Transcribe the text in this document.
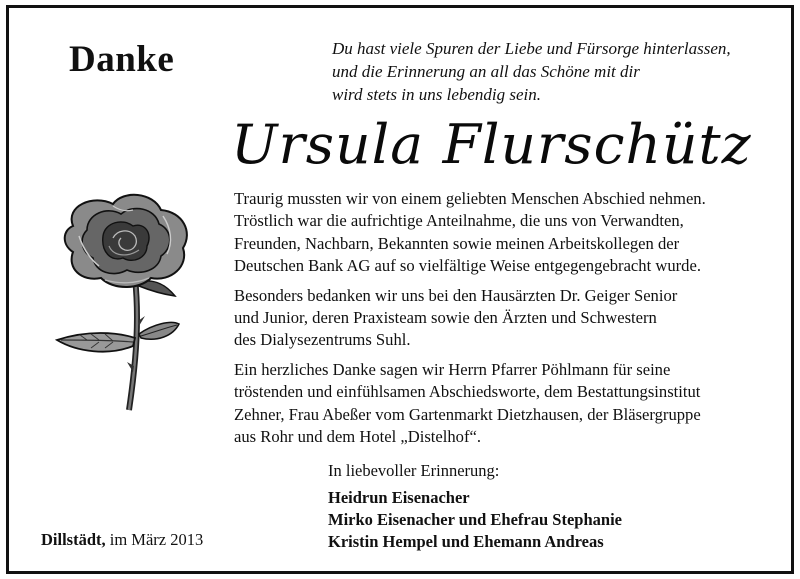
Danke	Du hast viele Spuren der Liebe und Fürsorge hinterlassen,
und die Erinnerung an all das Schöne mit dir
wird stets in uns lebendig sein.
Ursula Flurschütz

Traurig mussten wir von einem geliebten Menschen Abschied nehmen.
Tröstlich war die aufrichtige Anteilnahme, die uns von Verwandten,
Freunden, Nachbarn, Bekannten sowie meinen Arbeitskollegen der
Deutschen Bank AG auf so vielfältige Weise entgegengebracht wurde.

Besonders bedanken wir uns bei den Hausärzten Dr. Geiger Senior
und Junior, deren Praxisteam sowie den Ärzten und Schwestern
des Dialysezentrums Suhl.

Ein herzliches Danke sagen wir Herrn Pfarrer Pöhlmann für seine
tröstenden und einfühlsamen Abschiedsworte, dem Bestattungsinstitut
Zehner, Frau Abeßer vom Gartenmarkt Dietzhausen, der Bläsergruppe
aus Rohr und dem Hotel „Distelhof“.

In liebevoller Erinnerung:
Heidrun Eisenacher
Mirko Eisenacher und Ehefrau Stephanie
Kristin Hempel und Ehemann Andreas
Dillstädt, im März 2013
